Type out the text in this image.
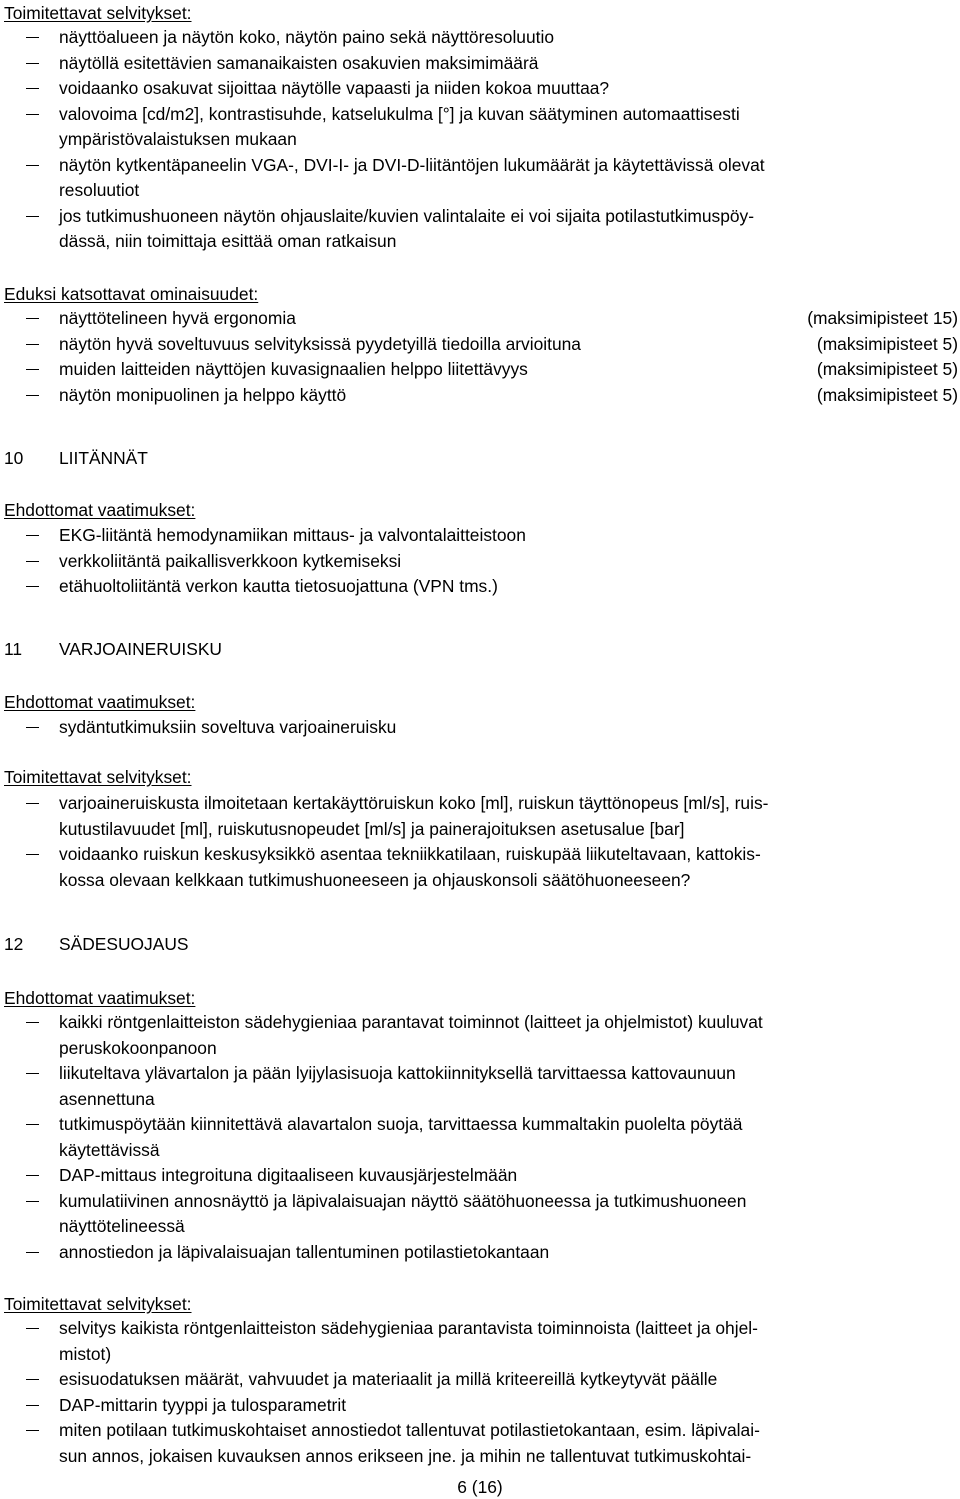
Toimitettavat selvitykset:
näyttöalueen ja näytön koko, näytön paino sekä näyttöresoluutio
näytöllä esitettävien samanaikaisten osakuvien maksimimäärä
voidaanko osakuvat sijoittaa näytölle vapaasti ja niiden kokoa muuttaa?
valovoima [cd/m2], kontrastisuhde, katselukulma [°] ja kuvan säätyminen automaattisesti
ympäristövalaistuksen mukaan
näytön kytkentäpaneelin VGA-, DVI-I- ja DVI-D-liitäntöjen lukumäärät ja käytettävissä olevat
resoluutiot
jos tutkimushuoneen näytön ohjauslaite/kuvien valintalaite ei voi sijaita potilastutkimuspöy-
dässä, niin toimittaja esittää oman ratkaisun
Eduksi katsottavat ominaisuudet:
näyttötelineen hyvä ergonomia	(maksimipisteet 15)
näytön hyvä soveltuvuus selvityksissä pyydetyillä tiedoilla arvioituna	(maksimipisteet 5)
muiden laitteiden näyttöjen kuvasignaalien helppo liitettävyys	(maksimipisteet 5)
näytön monipuolinen ja helppo käyttö	(maksimipisteet 5)
10	LIITÄNNÄT
Ehdottomat vaatimukset:
EKG-liitäntä hemodynamiikan mittaus- ja valvontalaitteistoon
verkkoliitäntä paikallisverkkoon kytkemiseksi
etähuoltoliitäntä verkon kautta tietosuojattuna (VPN tms.)
11	VARJOAINERUISKU
Ehdottomat vaatimukset:
sydäntutkimuksiin soveltuva varjoaineruisku
Toimitettavat selvitykset:
varjoaineruiskusta ilmoitetaan kertakäyttöruiskun koko [ml], ruiskun täyttönopeus [ml/s], ruis-
kutustilavuudet [ml], ruiskutusnopeudet [ml/s] ja painerajoituksen asetusalue [bar]
voidaanko ruiskun keskusyksikkö asentaa tekniikkatilaan, ruiskupää liikuteltavaan, kattokis-
kossa olevaan kelkkaan tutkimushuoneeseen ja ohjauskonsoli säätöhuoneeseen?
12	SÄDESUOJAUS
Ehdottomat vaatimukset:
kaikki röntgenlaitteiston sädehygieniaa parantavat toiminnot (laitteet ja ohjelmistot) kuuluvat
peruskokoonpanoon
liikuteltava ylävartalon ja pään lyijylasisuoja kattokiinnityksellä tarvittaessa kattovaunuun
asennettuna
tutkimuspöytään kiinnitettävä alavartalon suoja, tarvittaessa kummaltakin puolelta pöytää
käytettävissä
DAP-mittaus integroituna digitaaliseen kuvausjärjestelmään
kumulatiivinen annosnäyttö ja läpivalaisuajan näyttö säätöhuoneessa ja tutkimushuoneen
näyttötelineessä
annostiedon ja läpivalaisuajan tallentuminen potilastietokantaan
Toimitettavat selvitykset:
selvitys kaikista röntgenlaitteiston sädehygieniaa parantavista toiminnoista (laitteet ja ohjel-
mistot)
esisuodatuksen määrät, vahvuudet ja materiaalit ja millä kriteereillä kytkeytyvät päälle
DAP-mittarin tyyppi ja tulosparametrit
miten potilaan tutkimuskohtaiset annostiedot tallentuvat potilastietokantaan, esim. läpivalai-
sun annos, jokaisen kuvauksen annos erikseen jne. ja mihin ne tallentuvat tutkimuskohtai-
6 (16)
